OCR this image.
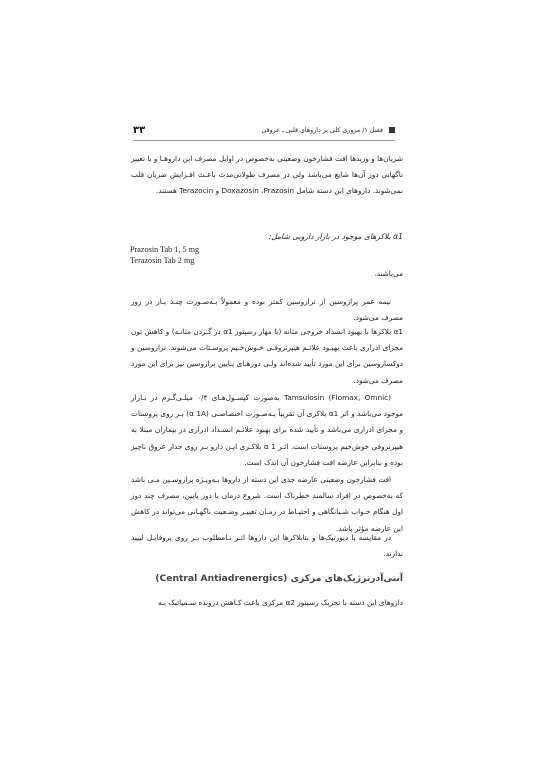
۳۳	فصل ۱/ مروری کلی بر داروهای قلبی ـ عروقی
شریان‌ها و وریدها افت فشارخون وضعیتی به‌خصوص در اوایل مصرف این داروهـا و با تغییر ناگهانی دوز آن‌ها شایع می‌باشد ولی در مصرف طولانی‌مدت باعـث افـزایش ضربان قلب نمی‌شوند. داروهای این دسته شامل Doxazosin ،Prazosin و Terazocin هستند.
α1 بلاکرهای موجود در بازار دارویی شامل:
Prazosin Tab 1, 5 mg
Terazosin Tab 2 mg
می‌باشند.
نیمه عمر پرازوسین از ترازوسین کمتر بوده و معمولاً بـه‌صـورت چنـد بـار در روز مصرف می‌شود.
α1 بلاکرها با بهبود انسداد خروجی مثانه (با مهار رسپتور α1 در گـردن مثانـه) و کاهش تون مجرای ادراری باعث بهبـود علائـم هیپرتروفـی خـوش‌خـیم پروسـتات می‌شوند. ترازوسین و دوکسازوسین برای این مورد تأیید شده‌اند ولـی دوزهـای پـایین پرازوسین نیز برای این مورد مصرف می‌شود.
Tamsulosin (Flomax, Omnic) به‌صورت کپسـول‌هـای ۰/۴ میلـی‌گـرم در بـازار موجود می‌باشد و اثر α1 بلاکری آن تقریباً بـه‌صـورت اختصاصـی (α 1A) بـر روی پروستات و مجرای ادراری می‌باشد و تأیید شده برای بهبود علائـم انسـداد ادراری در بیماران مبتلا به هیپرتروفی خوش‌خیم پروستات است. اثـر α 1 بلاکـری ایـن دارو بـر روی جدار عروق ناچیز بوده و بنابراین عارضه افت فشارخون آن اندک است.
افت فشارخون وضعیتی عارضه جدی این دسته از داروها بـه‌ویـژه پرازوسـین مـی باشد که به‌خصوص در افراد سالمند خطرناک است. شروع درمان با دوز پایین، مصرف چند دوز اول هنگام خـواب شـبانگاهی و احتیـاط در زمـان تغییـر وضـعیت ناگهـانی می‌تواند در کاهش این عارضه مؤثر باشد.
در مقایسه با دیورتیک‌ها و بتابلاکرها این داروها اثـر نـامطلوب بـر روی پروفایـل لیپید ندارند.
آنتی‌آدرنرژیک‌های مرکزی (Central Antiadrenergics)
داروهای این دسته با تحریک رسپتور α2 مرکزی باعث کـاهش درونده سـمپاتیک بـه
